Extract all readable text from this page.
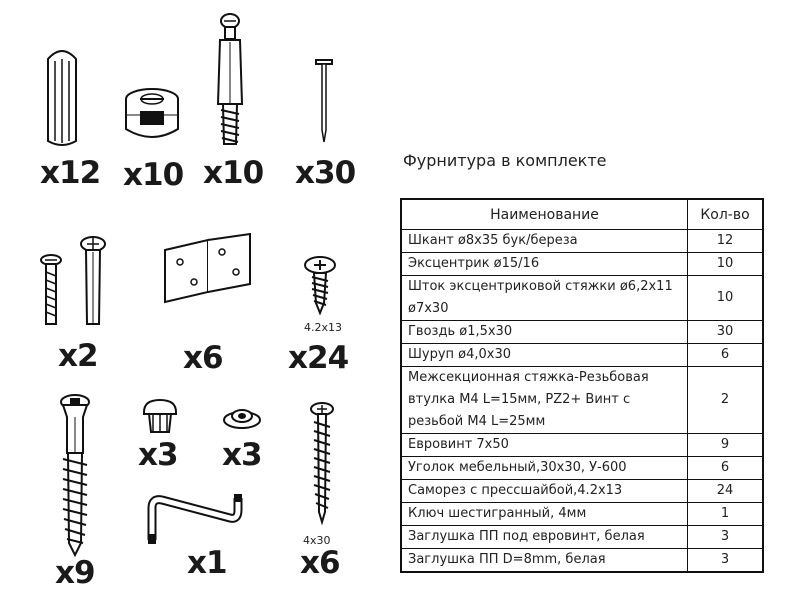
x12 x10 x10 x30
x2	x6
4.2x13
x24
x9
x3 x3
x1
4x30
x6
Фурнитура в комплекте
Наименование	Кол-во
Шкант ø8x35 бук/береза	12
Эксцентрик ø15/16	10
Шток эксцентриковой стяжки ø6,2x11 ø7x30	10
Гвоздь ø1,5x30	30
Шуруп ø4,0x30	6
Межсекционная стяжка-Резьбовая втулка M4 L=15мм, PZ2+ Винт с резьбой M4 L=25мм	2
Евровинт 7x50	9
Уголок мебельный,30x30, У-600	6
Саморез с прессшайбой,4.2x13	24
Ключ шестигранный, 4мм	1
Заглушка ПП под евровинт, белая	3
Заглушка ПП D=8mm, белая	3
